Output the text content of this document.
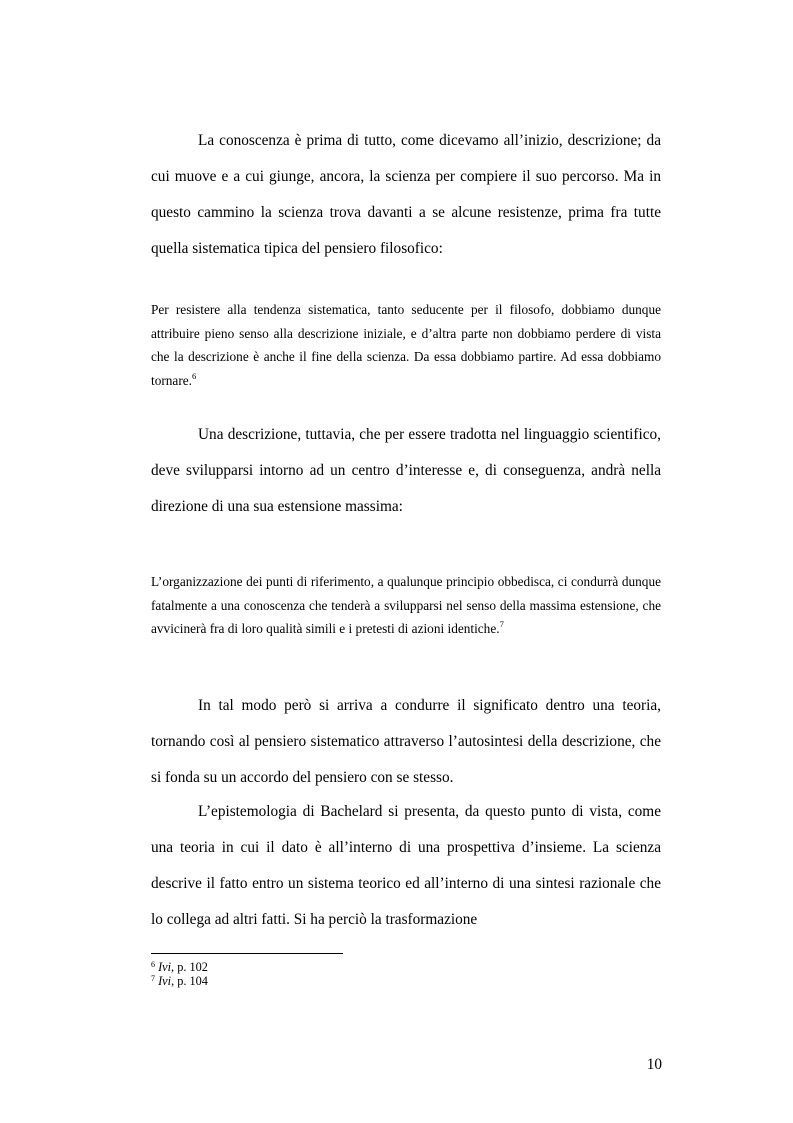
La conoscenza è prima di tutto, come dicevamo all’inizio, descrizione; da cui muove e a cui giunge, ancora, la scienza per compiere il suo percorso. Ma in questo cammino la scienza trova davanti a se alcune resistenze, prima fra tutte quella sistematica tipica del pensiero filosofico:

Per resistere alla tendenza sistematica, tanto seducente per il filosofo, dobbiamo dunque attribuire pieno senso alla descrizione iniziale, e d’altra parte non dobbiamo perdere di vista che la descrizione è anche il fine della scienza. Da essa dobbiamo partire. Ad essa dobbiamo tornare.$^6$

Una descrizione, tuttavia, che per essere tradotta nel linguaggio scientifico, deve svilupparsi intorno ad un centro d’interesse e, di conseguenza, andrà nella direzione di una sua estensione massima:

L’organizzazione dei punti di riferimento, a qualunque principio obbedisca, ci condurrà dunque fatalmente a una conoscenza che tenderà a svilupparsi nel senso della massima estensione, che avvicinerà fra di loro qualità simili e i pretesti di azioni identiche.$^7$

In tal modo però si arriva a condurre il significato dentro una teoria, tornando così al pensiero sistematico attraverso l’autosintesi della descrizione, che si fonda su un accordo del pensiero con se stesso.

L’epistemologia di Bachelard si presenta, da questo punto di vista, come una teoria in cui il dato è all’interno di una prospettiva d’insieme. La scienza descrive il fatto entro un sistema teorico ed all’interno di una sintesi razionale che lo collega ad altri fatti. Si ha perciò la trasformazione

$^6$ Ivi, p. 102
$^7$ Ivi, p. 104
10
